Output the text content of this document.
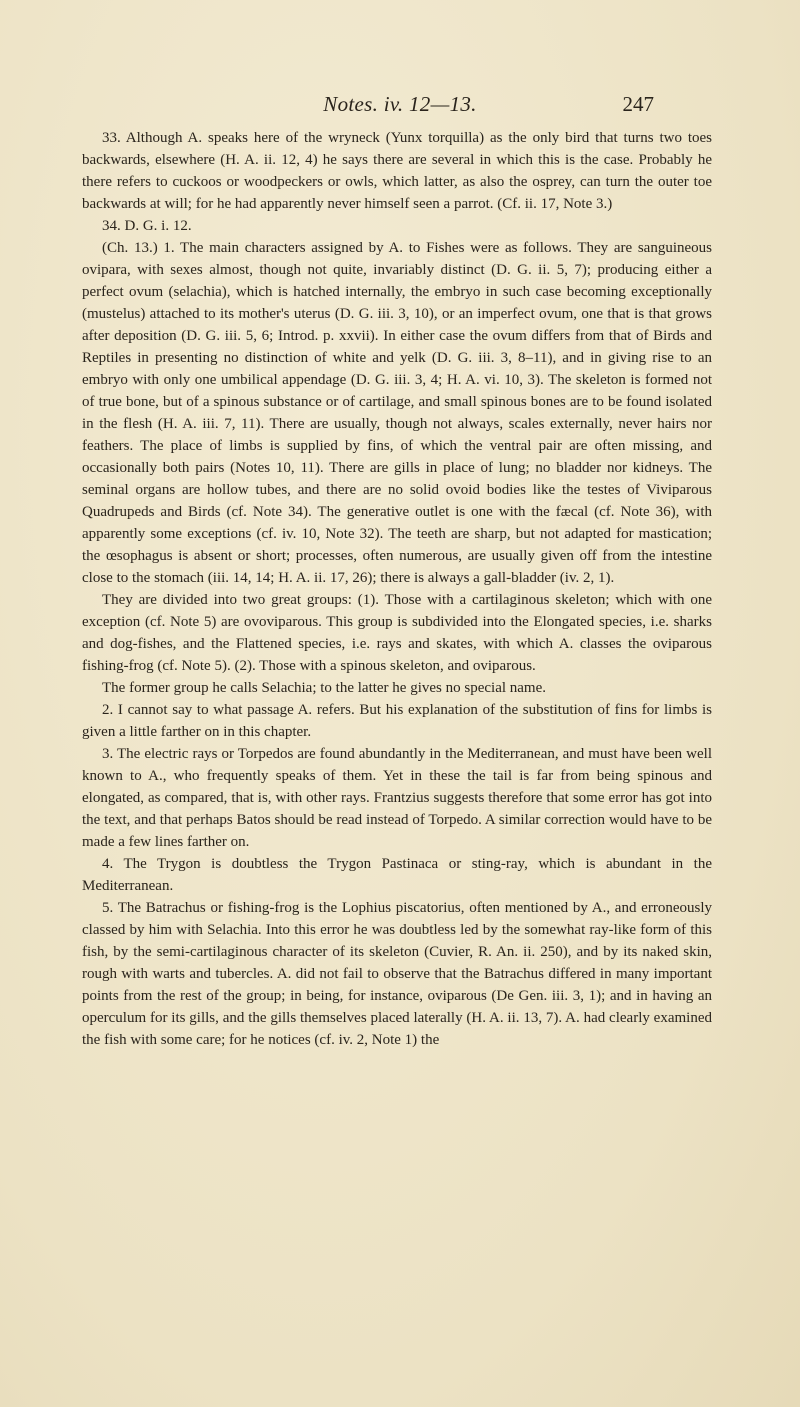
Notes. iv. 12—13.	247

33. Although A. speaks here of the wryneck (Yunx torquilla) as the only bird that turns two toes backwards, elsewhere (H. A. ii. 12, 4) he says there are several in which this is the case. Probably he there refers to cuckoos or woodpeckers or owls, which latter, as also the osprey, can turn the outer toe backwards at will; for he had apparently never himself seen a parrot. (Cf. ii. 17, Note 3.)

34. D. G. i. 12.

(Ch. 13.) 1. The main characters assigned by A. to Fishes were as follows. They are sanguineous ovipara, with sexes almost, though not quite, invariably distinct (D. G. ii. 5, 7); producing either a perfect ovum (selachia), which is hatched internally, the embryo in such case becoming exceptionally (mustelus) attached to its mother's uterus (D. G. iii. 3, 10), or an imperfect ovum, one that is that grows after deposition (D. G. iii. 5, 6; Introd. p. xxvii). In either case the ovum differs from that of Birds and Reptiles in presenting no distinction of white and yelk (D. G. iii. 3, 8–11), and in giving rise to an embryo with only one umbilical appendage (D. G. iii. 3, 4; H. A. vi. 10, 3). The skeleton is formed not of true bone, but of a spinous substance or of cartilage, and small spinous bones are to be found isolated in the flesh (H. A. iii. 7, 11). There are usually, though not always, scales externally, never hairs nor feathers. The place of limbs is supplied by fins, of which the ventral pair are often missing, and occasionally both pairs (Notes 10, 11). There are gills in place of lung; no bladder nor kidneys. The seminal organs are hollow tubes, and there are no solid ovoid bodies like the testes of Viviparous Quadrupeds and Birds (cf. Note 34). The generative outlet is one with the fæcal (cf. Note 36), with apparently some exceptions (cf. iv. 10, Note 32). The teeth are sharp, but not adapted for mastication; the œsophagus is absent or short; processes, often numerous, are usually given off from the intestine close to the stomach (iii. 14, 14; H. A. ii. 17, 26); there is always a gall-bladder (iv. 2, 1).

They are divided into two great groups: (1). Those with a cartilaginous skeleton; which with one exception (cf. Note 5) are ovoviparous. This group is subdivided into the Elongated species, i.e. sharks and dog-fishes, and the Flattened species, i.e. rays and skates, with which A. classes the oviparous fishing-frog (cf. Note 5). (2). Those with a spinous skeleton, and oviparous.

The former group he calls Selachia; to the latter he gives no special name.

2. I cannot say to what passage A. refers. But his explanation of the substitution of fins for limbs is given a little farther on in this chapter.

3. The electric rays or Torpedos are found abundantly in the Mediterranean, and must have been well known to A., who frequently speaks of them. Yet in these the tail is far from being spinous and elongated, as compared, that is, with other rays. Frantzius suggests therefore that some error has got into the text, and that perhaps Batos should be read instead of Torpedo. A similar correction would have to be made a few lines farther on.

4. The Trygon is doubtless the Trygon Pastinaca or sting-ray, which is abundant in the Mediterranean.

5. The Batrachus or fishing-frog is the Lophius piscatorius, often mentioned by A., and erroneously classed by him with Selachia. Into this error he was doubtless led by the somewhat ray-like form of this fish, by the semi-cartilaginous character of its skeleton (Cuvier, R. An. ii. 250), and by its naked skin, rough with warts and tubercles. A. did not fail to observe that the Batrachus differed in many important points from the rest of the group; in being, for instance, oviparous (De Gen. iii. 3, 1); and in having an operculum for its gills, and the gills themselves placed laterally (H. A. ii. 13, 7). A. had clearly examined the fish with some care; for he notices (cf. iv. 2, Note 1) the
